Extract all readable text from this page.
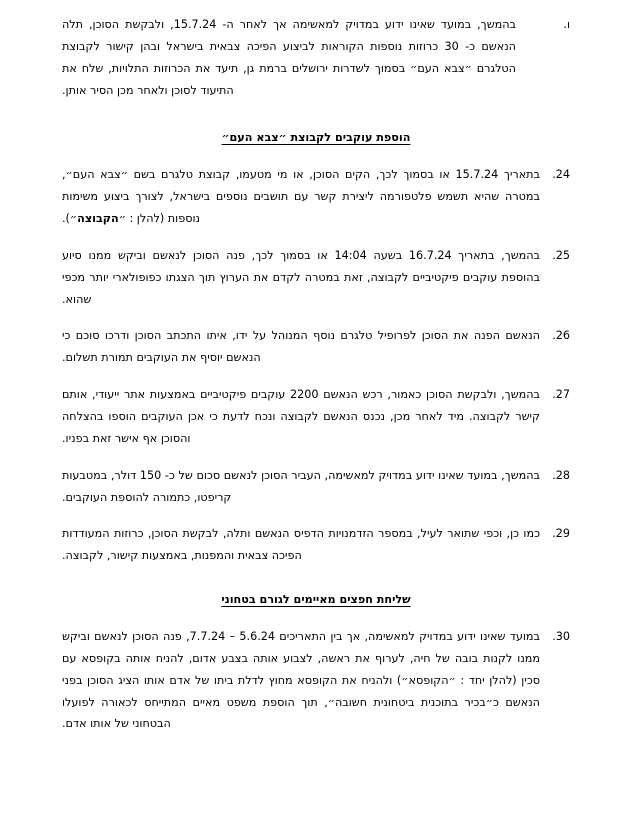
ו.
בהמשך, במועד שאינו ידוע במדויק למאשימה אך לאחר ה- 15.7.24, ולבקשת הסוכן, תלה הנאשם כ- 30 כרוזות נוספות הקוראות לביצוע הפיכה צבאית בישראל ובהן קישור לקבוצת הטלגרם ״צבא העם״ בסמוך לשדרות ירושלים ברמת גן, תיעד את הכרוזות התלויות, שלח את התיעוד לסוכן ולאחר מכן הסיר אותן.
הוספת עוקבים לקבוצת ״צבא העם״
24.
בתאריך 15.7.24 או בסמוך לכך, הקים הסוכן, או מי מטעמו, קבוצת טלגרם בשם ״צבא העם״, במטרה שהיא תשמש פלטפורמה ליצירת קשר עם תושבים נוספים בישראל, לצורך ביצוע משימות נוספות (להלן : ״הקבוצה״).
25.
בהמשך, בתאריך 16.7.24 בשעה 14:04 או בסמוך לכך, פנה הסוכן לנאשם וביקש ממנו סיוע בהוספת עוקבים פיקטיביים לקבוצה, זאת במטרה לקדם את הערוץ תוך הצגתו כפופולארי יותר מכפי שהוא.
26.
הנאשם הפנה את הסוכן לפרופיל טלגרם נוסף המנוהל על ידו, איתו התכתב הסוכן ודרכו סוכם כי הנאשם יוסיף את העוקבים תמורת תשלום.
27.
בהמשך, ולבקשת הסוכן כאמור, רכש הנאשם 2200 עוקבים פיקטיביים באמצעות אתר ייעודי, אותם קישר לקבוצה. מיד לאחר מכן, נכנס הנאשם לקבוצה ונכח לדעת כי אכן העוקבים הוספו בהצלחה והסוכן אף אישר זאת בפניו.
28.
בהמשך, במועד שאינו ידוע במדויק למאשימה, העביר הסוכן לנאשם סכום של כ- 150 דולר, במטבעות קריפטו, כתמורה להוספת העוקבים.
29.
כמו כן, וכפי שתואר לעיל, במספר הזדמנויות הדפיס הנאשם ותלה, לבקשת הסוכן, כרוזות המעודדות הפיכה צבאית והמפנות, באמצעות קישור, לקבוצה.
שליחת חפצים מאיימים לגורם בטחוני
30.
במועד שאינו ידוע במדויק למאשימה, אך בין התאריכים 5.6.24 – 7.7.24, פנה הסוכן לנאשם וביקש ממנו לקנות בובה של חיה, לערוף את ראשה, לצבוע אותה בצבע אדום, להניח אותה בקופסא עם סכין (להלן יחד : ״הקופסא״) ולהניח את הקופסא מחוץ לדלת ביתו של אדם אותו הציג הסוכן בפני הנאשם כ״בכיר בתוכנית ביטחונית חשובה״, תוך הוספת משפט מאיים המתייחס לכאורה לפועלו הבטחוני של אותו אדם.
